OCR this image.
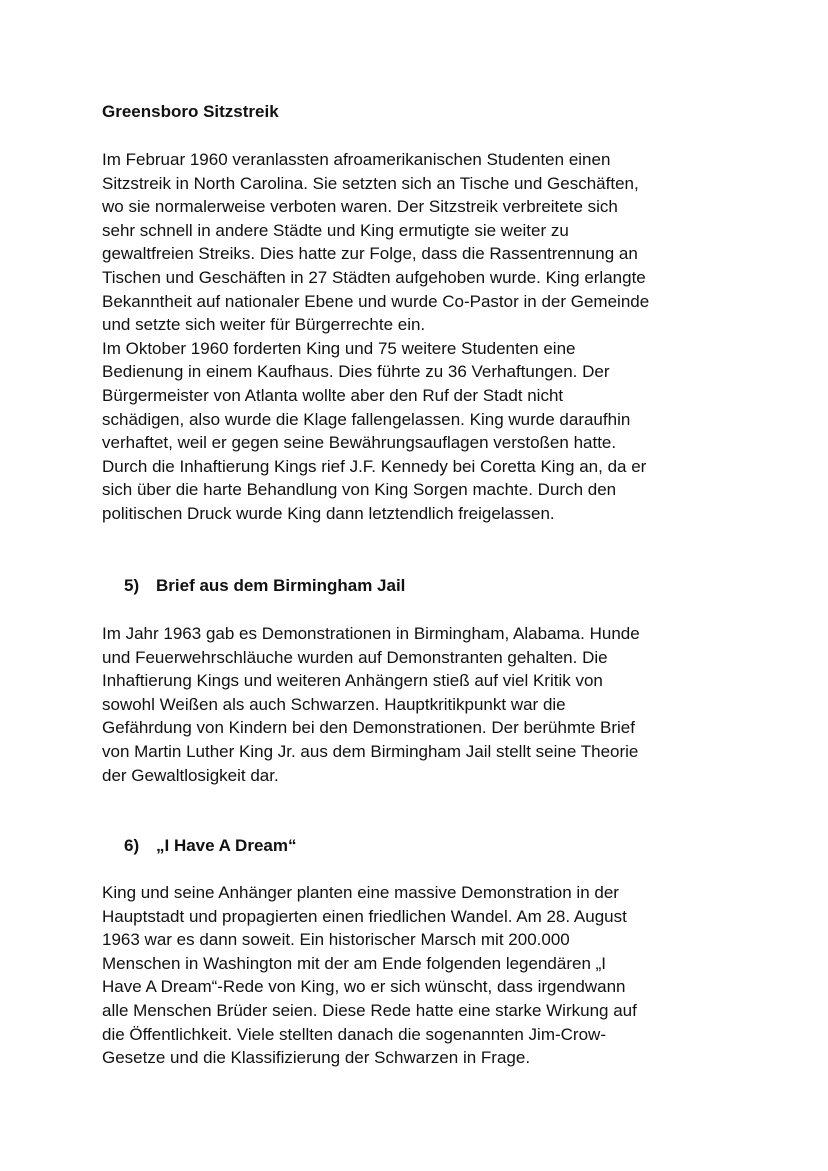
Greensboro Sitzstreik
Im Februar 1960 veranlassten afroamerikanischen Studenten einen
Sitzstreik in North Carolina. Sie setzten sich an Tische und Geschäften,
wo sie normalerweise verboten waren. Der Sitzstreik verbreitete sich
sehr schnell in andere Städte und King ermutigte sie weiter zu
gewaltfreien Streiks. Dies hatte zur Folge, dass die Rassentrennung an
Tischen und Geschäften in 27 Städten aufgehoben wurde. King erlangte
Bekanntheit auf nationaler Ebene und wurde Co-Pastor in der Gemeinde
und setzte sich weiter für Bürgerrechte ein.
Im Oktober 1960 forderten King und 75 weitere Studenten eine
Bedienung in einem Kaufhaus. Dies führte zu 36 Verhaftungen. Der
Bürgermeister von Atlanta wollte aber den Ruf der Stadt nicht
schädigen, also wurde die Klage fallengelassen. King wurde daraufhin
verhaftet, weil er gegen seine Bewährungsauflagen verstoßen hatte.
Durch die Inhaftierung Kings rief J.F. Kennedy bei Coretta King an, da er
sich über die harte Behandlung von King Sorgen machte. Durch den
politischen Druck wurde King dann letztendlich freigelassen.
5) Brief aus dem Birmingham Jail
Im Jahr 1963 gab es Demonstrationen in Birmingham, Alabama. Hunde
und Feuerwehrschläuche wurden auf Demonstranten gehalten. Die
Inhaftierung Kings und weiteren Anhängern stieß auf viel Kritik von
sowohl Weißen als auch Schwarzen. Hauptkritikpunkt war die
Gefährdung von Kindern bei den Demonstrationen. Der berühmte Brief
von Martin Luther King Jr. aus dem Birmingham Jail stellt seine Theorie
der Gewaltlosigkeit dar.
6) „I Have A Dream“
King und seine Anhänger planten eine massive Demonstration in der
Hauptstadt und propagierten einen friedlichen Wandel. Am 28. August
1963 war es dann soweit. Ein historischer Marsch mit 200.000
Menschen in Washington mit der am Ende folgenden legendären „I
Have A Dream“-Rede von King, wo er sich wünscht, dass irgendwann
alle Menschen Brüder seien. Diese Rede hatte eine starke Wirkung auf
die Öffentlichkeit. Viele stellten danach die sogenannten Jim-Crow-
Gesetze und die Klassifizierung der Schwarzen in Frage.
